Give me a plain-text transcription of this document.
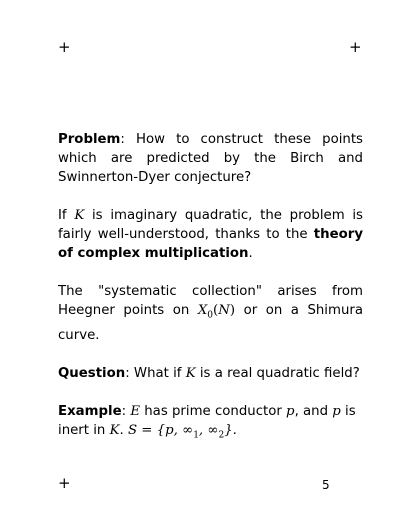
+	+

Problem: How to construct these points which are predicted by the Birch and Swinnerton-Dyer conjecture?

If K is imaginary quadratic, the problem is fairly well-understood, thanks to the theory of complex multiplication.

The "systematic collection" arises from Heegner points on $X_0(N)$ or on a Shimura curve.

Question: What if K is a real quadratic field?

Example: E has prime conductor p, and p is inert in K. S = {p, $\infty_1$, $\infty_2$}.

+	5
